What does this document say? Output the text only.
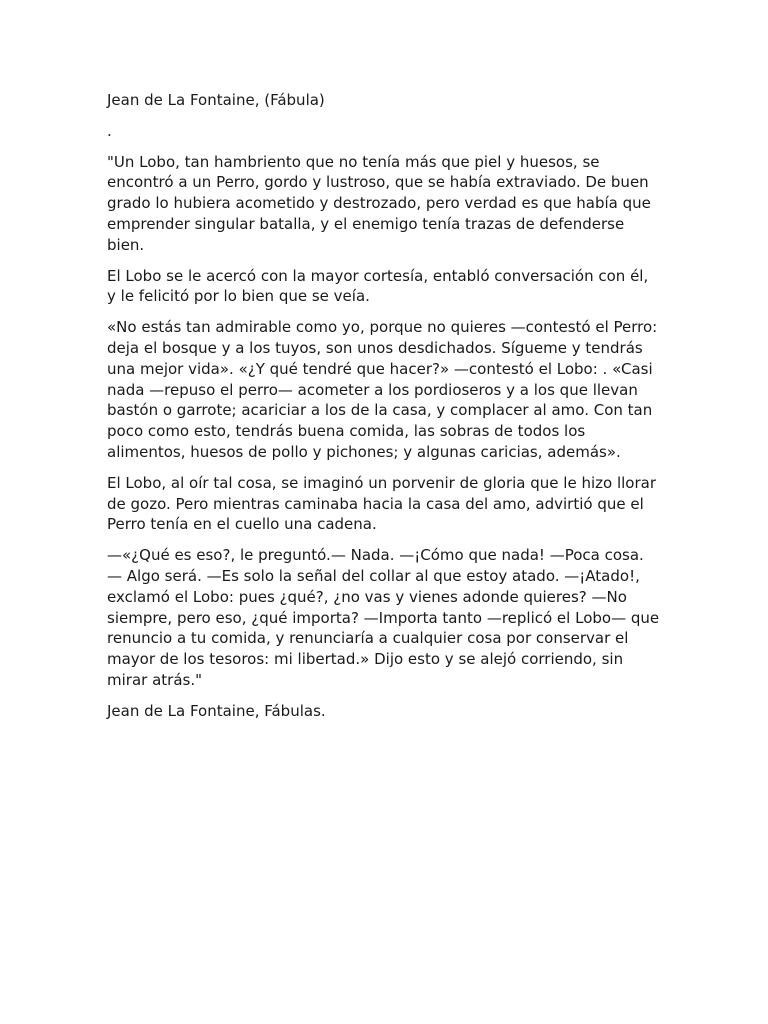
Jean de La Fontaine, (Fábula)

.

"Un Lobo, tan hambriento que no tenía más que piel y huesos, se
encontró a un Perro, gordo y lustroso, que se había extraviado. De buen
grado lo hubiera acometido y destrozado, pero verdad es que había que
emprender singular batalla, y el enemigo tenía trazas de defenderse
bien.

El Lobo se le acercó con la mayor cortesía, entabló conversación con él,
y le felicitó por lo bien que se veía.

«No estás tan admirable como yo, porque no quieres —contestó el Perro:
deja el bosque y a los tuyos, son unos desdichados. Sígueme y tendrás
una mejor vida». «¿Y qué tendré que hacer?» —contestó el Lobo: . «Casi
nada —repuso el perro— acometer a los pordioseros y a los que llevan
bastón o garrote; acariciar a los de la casa, y complacer al amo. Con tan
poco como esto, tendrás buena comida, las sobras de todos los
alimentos, huesos de pollo y pichones; y algunas caricias, además».

El Lobo, al oír tal cosa, se imaginó un porvenir de gloria que le hizo llorar
de gozo. Pero mientras caminaba hacia la casa del amo, advirtió que el
Perro tenía en el cuello una cadena.

—«¿Qué es eso?, le preguntó.— Nada. —¡Cómo que nada! —Poca cosa.
— Algo será. —Es solo la señal del collar al que estoy atado. —¡Atado!,
exclamó el Lobo: pues ¿qué?, ¿no vas y vienes adonde quieres? —No
siempre, pero eso, ¿qué importa? —Importa tanto —replicó el Lobo— que
renuncio a tu comida, y renunciaría a cualquier cosa por conservar el
mayor de los tesoros: mi libertad.» Dijo esto y se alejó corriendo, sin
mirar atrás."

Jean de La Fontaine, Fábulas.
